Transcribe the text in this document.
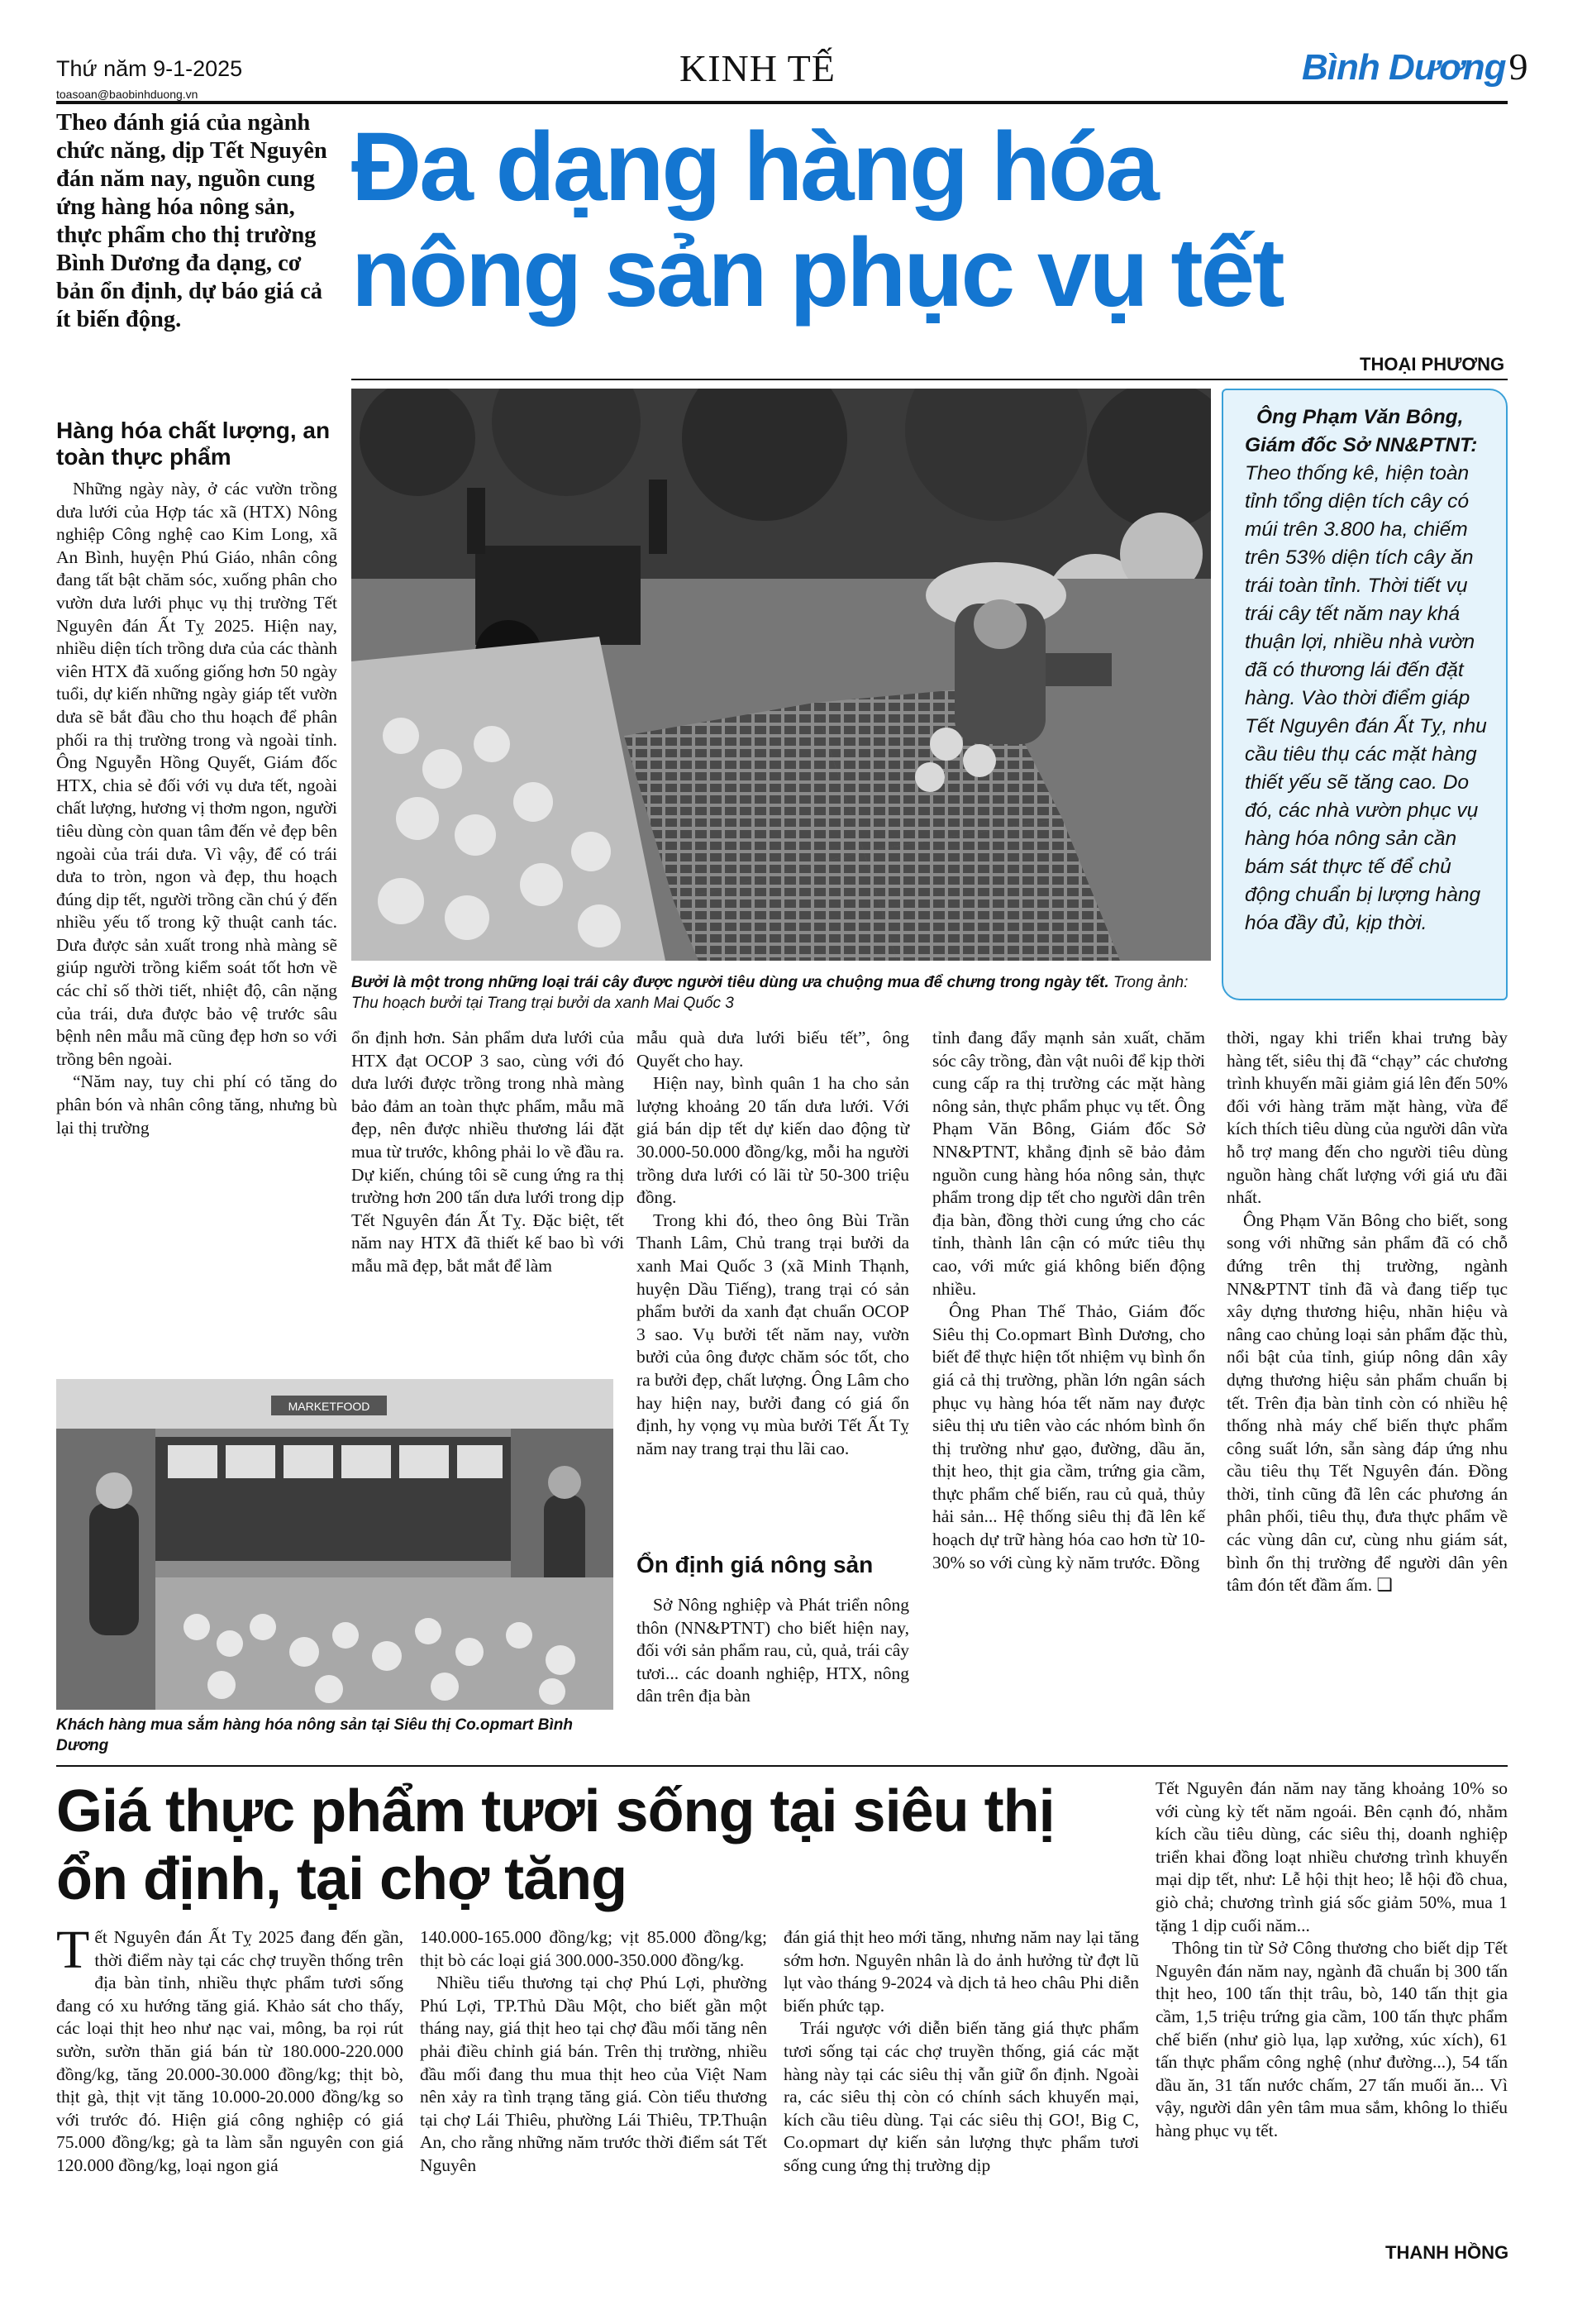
Thứ năm 9-1-2025
toasoan@baobinhduong.vn
KINH TẾ	Bình Dương 9
Theo đánh giá của ngành chức năng, dịp Tết Nguyên đán năm nay, nguồn cung ứng hàng hóa nông sản, thực phẩm cho thị trường Bình Dương đa dạng, cơ bản ổn định, dự báo giá cả ít biến động.
Đa dạng hàng hóa
nông sản phục vụ tết
THOẠI PHƯƠNG
Hàng hóa chất lượng, an toàn thực phẩm

Những ngày này, ở các vườn trồng dưa lưới của Hợp tác xã (HTX) Nông nghiệp Công nghệ cao Kim Long, xã An Bình, huyện Phú Giáo, nhân công đang tất bật chăm sóc, xuống phân cho vườn dưa lưới phục vụ thị trường Tết Nguyên đán Ất Tỵ 2025. Hiện nay, nhiều diện tích trồng dưa của các thành viên HTX đã xuống giống hơn 50 ngày tuổi, dự kiến những ngày giáp tết vườn dưa sẽ bắt đầu cho thu hoạch để phân phối ra thị trường trong và ngoài tỉnh. Ông Nguyễn Hồng Quyết, Giám đốc HTX, chia sẻ đối với vụ dưa tết, ngoài chất lượng, hương vị thơm ngon, người tiêu dùng còn quan tâm đến vẻ đẹp bên ngoài của trái dưa. Vì vậy, để có trái dưa to tròn, ngon và đẹp, thu hoạch đúng dịp tết, người trồng cần chú ý đến nhiều yếu tố trong kỹ thuật canh tác. Dưa được sản xuất trong nhà màng sẽ giúp người trồng kiểm soát tốt hơn về các chỉ số thời tiết, nhiệt độ, cân nặng của trái, dưa được bảo vệ trước sâu bệnh nên mẫu mã cũng đẹp hơn so với trồng bên ngoài.

“Năm nay, tuy chi phí có tăng do phân bón và nhân công tăng, nhưng bù lại thị trường

Bưởi là một trong những loại trái cây được người tiêu dùng ưa chuộng mua để chưng trong ngày tết. Trong ảnh: Thu hoạch bưởi tại Trang trại bưởi da xanh Mai Quốc 3
Ông Phạm Văn Bông, Giám đốc Sở NN&PTNT:
Theo thống kê, hiện toàn tỉnh tổng diện tích cây có múi trên 3.800 ha, chiếm trên 53% diện tích cây ăn trái toàn tỉnh. Thời tiết vụ trái cây tết năm nay khá thuận lợi, nhiều nhà vườn đã có thương lái đến đặt hàng. Vào thời điểm giáp Tết Nguyên đán Ất Tỵ, nhu cầu tiêu thụ các mặt hàng thiết yếu sẽ tăng cao. Do đó, các nhà vườn phục vụ hàng hóa nông sản cần bám sát thực tế để chủ động chuẩn bị lượng hàng hóa đầy đủ, kịp thời.

ổn định hơn. Sản phẩm dưa lưới của HTX đạt OCOP 3 sao, cùng với đó dưa lưới được trồng trong nhà màng bảo đảm an toàn thực phẩm, mẫu mã đẹp, nên được nhiều thương lái đặt mua từ trước, không phải lo về đầu ra. Dự kiến, chúng tôi sẽ cung ứng ra thị trường hơn 200 tấn dưa lưới trong dịp Tết Nguyên đán Ất Tỵ. Đặc biệt, tết năm nay HTX đã thiết kế bao bì với mẫu mã đẹp, bắt mắt để làm

MARKETFOOD
Khách hàng mua sắm hàng hóa nông sản tại Siêu thị Co.opmart Bình Dương

mẫu quà dưa lưới biếu tết”, ông Quyết cho hay.

Hiện nay, bình quân 1 ha cho sản lượng khoảng 20 tấn dưa lưới. Với giá bán dịp tết dự kiến dao động từ 30.000-50.000 đồng/kg, mỗi ha người trồng dưa lưới có lãi từ 50-300 triệu đồng.

Trong khi đó, theo ông Bùi Trần Thanh Lâm, Chủ trang trại bưởi da xanh Mai Quốc 3 (xã Minh Thạnh, huyện Dầu Tiếng), trang trại có sản phẩm bưởi da xanh đạt chuẩn OCOP 3 sao. Vụ bưởi tết năm nay, vườn bưởi của ông được chăm sóc tốt, cho ra bưởi đẹp, chất lượng. Ông Lâm cho hay hiện nay, bưởi đang có giá ổn định, hy vọng vụ mùa bưởi Tết Ất Tỵ năm nay trang trại thu lãi cao.

Ổn định giá nông sản

Sở Nông nghiệp và Phát triển nông thôn (NN&PTNT) cho biết hiện nay, đối với sản phẩm rau, củ, quả, trái cây tươi... các doanh nghiệp, HTX, nông dân trên địa bàn

tỉnh đang đẩy mạnh sản xuất, chăm sóc cây trồng, đàn vật nuôi để kịp thời cung cấp ra thị trường các mặt hàng nông sản, thực phẩm phục vụ tết. Ông Phạm Văn Bông, Giám đốc Sở NN&PTNT, khẳng định sẽ bảo đảm nguồn cung hàng hóa nông sản, thực phẩm trong dịp tết cho người dân trên địa bàn, đồng thời cung ứng cho các tỉnh, thành lân cận có mức tiêu thụ cao, với mức giá không biến động nhiều.

Ông Phan Thế Thảo, Giám đốc Siêu thị Co.opmart Bình Dương, cho biết để thực hiện tốt nhiệm vụ bình ổn giá cả thị trường, phần lớn ngân sách phục vụ hàng hóa tết năm nay được siêu thị ưu tiên vào các nhóm bình ổn thị trường như gạo, đường, dầu ăn, thịt heo, thịt gia cầm, trứng gia cầm, thực phẩm chế biến, rau củ quả, thủy hải sản... Hệ thống siêu thị đã lên kế hoạch dự trữ hàng hóa cao hơn từ 10-30% so với cùng kỳ năm trước. Đồng

thời, ngay khi triển khai trưng bày hàng tết, siêu thị đã “chạy” các chương trình khuyến mãi giảm giá lên đến 50% đối với hàng trăm mặt hàng, vừa để kích thích tiêu dùng của người dân vừa hỗ trợ mang đến cho người tiêu dùng nguồn hàng chất lượng với giá ưu đãi nhất.

Ông Phạm Văn Bông cho biết, song song với những sản phẩm đã có chỗ đứng trên thị trường, ngành NN&PTNT tỉnh đã và đang tiếp tục xây dựng thương hiệu, nhãn hiệu và nâng cao chủng loại sản phẩm đặc thù, nổi bật của tỉnh, giúp nông dân xây dựng thương hiệu sản phẩm chuẩn bị tết. Trên địa bàn tỉnh còn có nhiều hệ thống nhà máy chế biến thực phẩm công suất lớn, sẵn sàng đáp ứng nhu cầu tiêu thụ Tết Nguyên đán. Đồng thời, tỉnh cũng đã lên các phương án phân phối, tiêu thụ, đưa thực phẩm về các vùng dân cư, cùng nhu giám sát, bình ổn thị trường để người dân yên tâm đón tết đầm ấm. ❑

Giá thực phẩm tươi sống tại siêu thị
ổn định, tại chợ tăng

Tết Nguyên đán Ất Tỵ 2025 đang đến gần, thời điểm này tại các chợ truyền thống trên địa bàn tỉnh, nhiều thực phẩm tươi sống đang có xu hướng tăng giá. Khảo sát cho thấy, các loại thịt heo như nạc vai, mông, ba rọi rút sườn, sườn thăn giá bán từ 180.000-220.000 đồng/kg, tăng 20.000-30.000 đồng/kg; thịt bò, thịt gà, thịt vịt tăng 10.000-20.000 đồng/kg so với trước đó. Hiện giá công nghiệp có giá 75.000 đồng/kg; gà ta làm sẵn nguyên con giá 120.000 đồng/kg, loại ngon giá

140.000-165.000 đồng/kg; vịt 85.000 đồng/kg; thịt bò các loại giá 300.000-350.000 đồng/kg.

Nhiều tiểu thương tại chợ Phú Lợi, phường Phú Lợi, TP.Thủ Dầu Một, cho biết gần một tháng nay, giá thịt heo tại chợ đầu mối tăng nên phải điều chỉnh giá bán. Trên thị trường, nhiều đầu mối đang thu mua thịt heo của Việt Nam nên xảy ra tình trạng tăng giá. Còn tiểu thương tại chợ Lái Thiêu, phường Lái Thiêu, TP.Thuận An, cho rằng những năm trước thời điểm sát Tết Nguyên

đán giá thịt heo mới tăng, nhưng năm nay lại tăng sớm hơn. Nguyên nhân là do ảnh hưởng từ đợt lũ lụt vào tháng 9-2024 và dịch tả heo châu Phi diễn biến phức tạp.

Trái ngược với diễn biến tăng giá thực phẩm tươi sống tại các chợ truyền thống, giá các mặt hàng này tại các siêu thị vẫn giữ ổn định. Ngoài ra, các siêu thị còn có chính sách khuyến mại, kích cầu tiêu dùng. Tại các siêu thị GO!, Big C, Co.opmart dự kiến sản lượng thực phẩm tươi sống cung ứng thị trường dịp

Tết Nguyên đán năm nay tăng khoảng 10% so với cùng kỳ tết năm ngoái. Bên cạnh đó, nhằm kích cầu tiêu dùng, các siêu thị, doanh nghiệp triển khai đồng loạt nhiều chương trình khuyến mại dịp tết, như: Lễ hội thịt heo; lễ hội đồ chua, giò chả; chương trình giá sốc giảm 50%, mua 1 tặng 1 dịp cuối năm...

Thông tin từ Sở Công thương cho biết dịp Tết Nguyên đán năm nay, ngành đã chuẩn bị 300 tấn thịt heo, 100 tấn thịt trâu, bò, 140 tấn thịt gia cầm, 1,5 triệu trứng gia cầm, 100 tấn thực phẩm chế biến (như giò lụa, lạp xưởng, xúc xích), 61 tấn thực phẩm công nghệ (như đường...), 54 tấn dầu ăn, 31 tấn nước chấm, 27 tấn muối ăn... Vì vậy, người dân yên tâm mua sắm, không lo thiếu hàng phục vụ tết.

THANH HỒNG
